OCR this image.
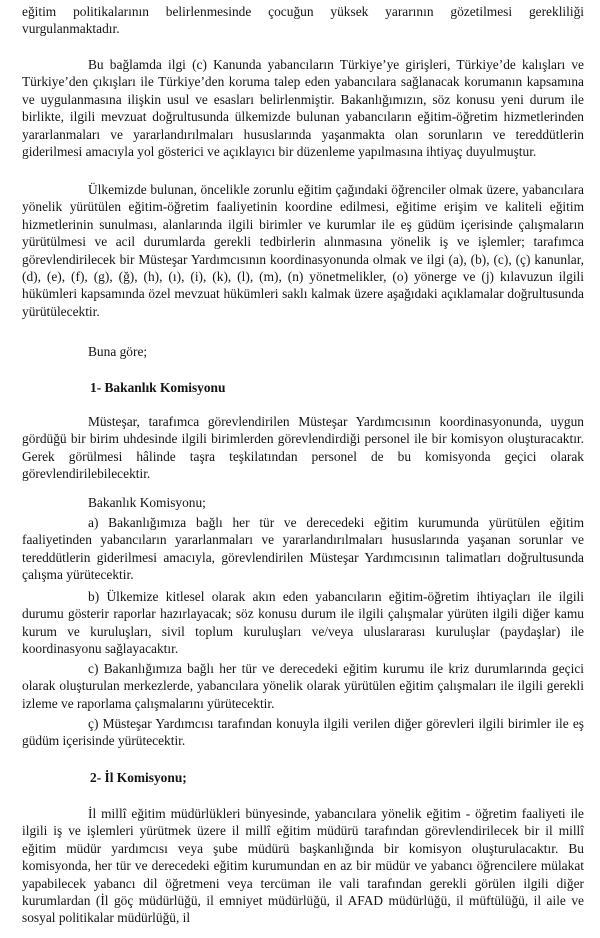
eğitim politikalarının belirlenmesinde çocuğun yüksek yararının gözetilmesi gerekliliği vurgulanmaktadır.

Bu bağlamda ilgi (c) Kanunda yabancıların Türkiye’ye girişleri, Türkiye’de kalışları ve Türkiye’den çıkışları ile Türkiye’den koruma talep eden yabancılara sağlanacak korumanın kapsamına ve uygulanmasına ilişkin usul ve esasları belirlenmiştir. Bakanlığımızın, söz konusu yeni durum ile birlikte, ilgili mevzuat doğrultusunda ülkemizde bulunan yabancıların eğitim-öğretim hizmetlerinden yararlanmaları ve yararlandırılmaları hususlarında yaşanmakta olan sorunların ve tereddütlerin giderilmesi amacıyla yol gösterici ve açıklayıcı bir düzenleme yapılmasına ihtiyaç duyulmuştur.

Ülkemizde bulunan, öncelikle zorunlu eğitim çağındaki öğrenciler olmak üzere, yabancılara yönelik yürütülen eğitim-öğretim faaliyetinin koordine edilmesi, eğitime erişim ve kaliteli eğitim hizmetlerinin sunulması, alanlarında ilgili birimler ve kurumlar ile eş güdüm içerisinde çalışmaların yürütülmesi ve acil durumlarda gerekli tedbirlerin alınmasına yönelik iş ve işlemler; tarafımca görevlendirilecek bir Müsteşar Yardımcısının koordinasyonunda olmak ve ilgi (a), (b), (c), (ç) kanunlar, (d), (e), (f), (g), (ğ), (h), (ı), (i), (k), (l), (m), (n) yönetmelikler, (o) yönerge ve (j) kılavuzun ilgili hükümleri kapsamında özel mevzuat hükümleri saklı kalmak üzere aşağıdaki açıklamalar doğrultusunda yürütülecektir.

Buna göre;

1- Bakanlık Komisyonu

Müsteşar, tarafımca görevlendirilen Müsteşar Yardımcısının koordinasyonunda, uygun gördüğü bir birim uhdesinde ilgili birimlerden görevlendirdiği personel ile bir komisyon oluşturacaktır. Gerek görülmesi hâlinde taşra teşkilatından personel de bu komisyonda geçici olarak görevlendirilebilecektir.

Bakanlık Komisyonu;

a) Bakanlığımıza bağlı her tür ve derecedeki eğitim kurumunda yürütülen eğitim faaliyetinden yabancıların yararlanmaları ve yararlandırılmaları hususlarında yaşanan sorunlar ve tereddütlerin giderilmesi amacıyla, görevlendirilen Müsteşar Yardımcısının talimatları doğrultusunda çalışma yürütecektir.

b) Ülkemize kitlesel olarak akın eden yabancıların eğitim-öğretim ihtiyaçları ile ilgili durumu gösterir raporlar hazırlayacak; söz konusu durum ile ilgili çalışmalar yürüten ilgili diğer kamu kurum ve kuruluşları, sivil toplum kuruluşları ve/veya uluslararası kuruluşlar (paydaşlar) ile koordinasyonu sağlayacaktır.

c) Bakanlığımıza bağlı her tür ve derecedeki eğitim kurumu ile kriz durumlarında geçici olarak oluşturulan merkezlerde, yabancılara yönelik olarak yürütülen eğitim çalışmaları ile ilgili gerekli izleme ve raporlama çalışmalarını yürütecektir.

ç) Müsteşar Yardımcısı tarafından konuyla ilgili verilen diğer görevleri ilgili birimler ile eş güdüm içerisinde yürütecektir.

2- İl Komisyonu;

İl millî eğitim müdürlükleri bünyesinde, yabancılara yönelik eğitim - öğretim faaliyeti ile ilgili iş ve işlemleri yürütmek üzere il millî eğitim müdürü tarafından görevlendirilecek bir il millî eğitim müdür yardımcısı veya şube müdürü başkanlığında bir komisyon oluşturulacaktır. Bu komisyonda, her tür ve derecedeki eğitim kurumundan en az bir müdür ve yabancı öğrencilere mülakat yapabilecek yabancı dil öğretmeni veya tercüman ile vali tarafından gerekli görülen ilgili diğer kurumlardan (İl göç müdürlüğü, il emniyet müdürlüğü, il AFAD müdürlüğü, il müftülüğü, il aile ve sosyal politikalar müdürlüğü, il
